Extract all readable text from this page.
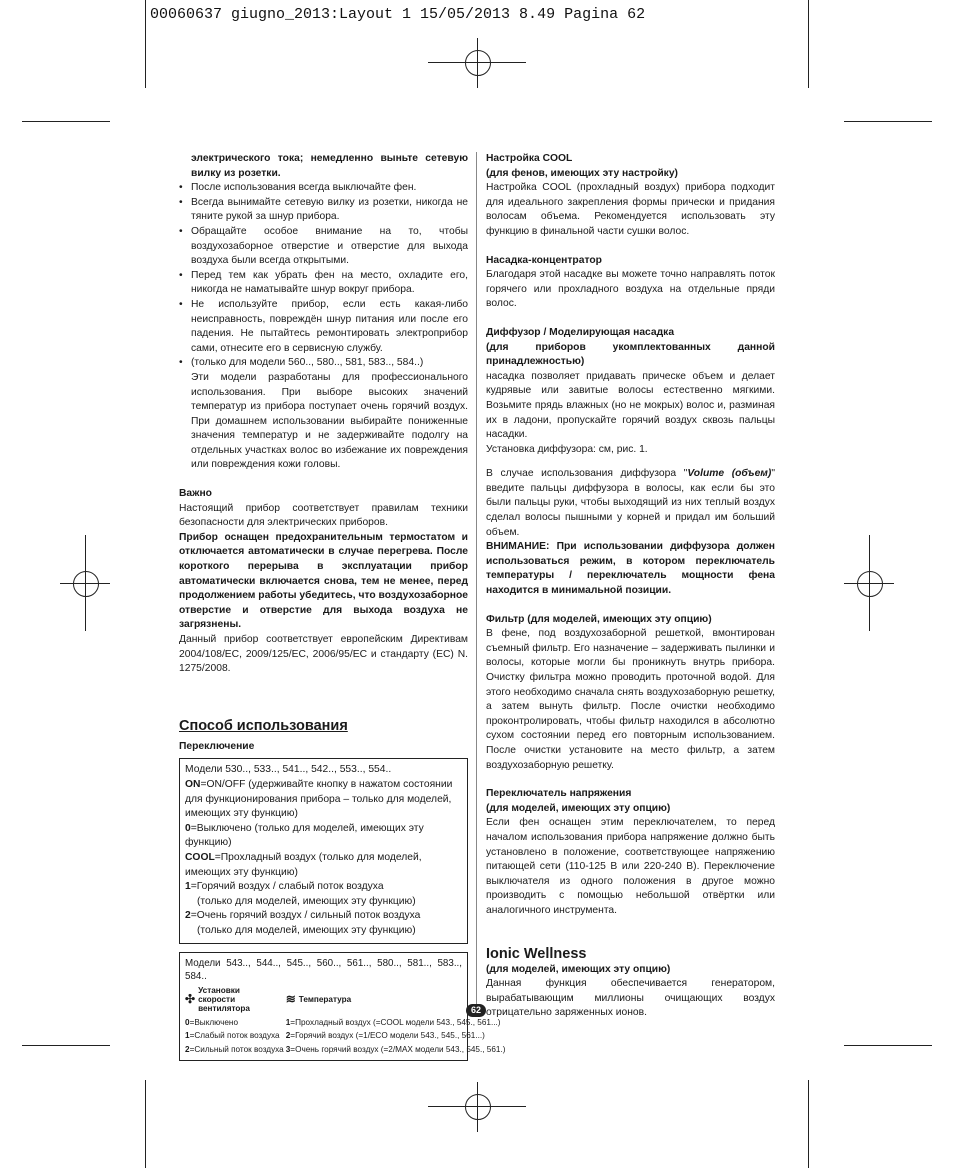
00060637 giugno_2013:Layout 1 15/05/2013 8.49 Pagina 62

электрического тока; немедленно выньте сетевую вилку из розетки.

• После использования всегда выключайте фен.
• Всегда вынимайте сетевую вилку из розетки, никогда не тяните рукой за шнур прибора.
• Обращайте особое внимание на то, чтобы воздухозаборное отверстие и отверстие для выхода воздуха были всегда открытыми.
• Перед тем как убрать фен на место, охладите его, никогда не наматывайте шнур вокруг прибора.
• Не используйте прибор, если есть какая-либо неисправность, повреждён шнур питания или после его падения. Не пытайтесь ремонтировать электроприбор сами, отнесите его в сервисную службу.
• (только для модели 560.., 580.., 581, 583.., 584..)

Эти модели разработаны для профессионального использования. При выборе высоких значений температур из прибора поступает очень горячий воздух. При домашнем использовании выбирайте пониженные значения температур и не задерживайте подолгу на отдельных участках волос во избежание их повреждения или повреждения кожи головы.

Важно

Настоящий прибор соответствует правилам техники безопасности для электрических приборов.

Прибор оснащен предохранительным термостатом и отключается автоматически в случае перегрева. После короткого перерыва в эксплуатации прибор автоматически включается снова, тем не менее, перед продолжением работы убедитесь, что воздухозаборное отверстие и отверстие для выхода воздуха не загрязнены.

Данный прибор соответствует европейским Директивам 2004/108/EC, 2009/125/EC, 2006/95/EC и стандарту (EC) N. 1275/2008.

Способ использования

Переключение

Модели 530.., 533.., 541.., 542.., 553.., 554..

ON=ON/OFF (удерживайте кнопку в нажатом состоянии для функционирования прибора – только для моделей, имеющих эту функцию)

0=Выключено (только для моделей, имеющих эту функцию)

COOL=Прохладный воздух (только для моделей, имеющих эту функцию)

1=Горячий воздух / слабый поток воздуха

(только для моделей, имеющих эту функцию)

2=Очень горячий воздух / сильный поток воздуха

(только для моделей, имеющих эту функцию)

Модели 543.., 544.., 545.., 560.., 561.., 580.., 581.., 583.., 584..

✣Установки скорости вентилятора	≋ Температура
0=Выключено	1=Прохладный воздух (=COOL модели 543., 545., 561...)
1=Слабый поток воздуха	2=Горячий воздух (=1/ECO модели 543., 545., 561...)
2=Сильный поток воздуха	3=Очень горячий воздух (=2/MAX модели 543., 545., 561.)

Настройка COOL

(для фенов, имеющих эту настройку)

Настройка COOL (прохладный воздух) прибора подходит для идеального закрепления формы прически и придания волосам объема. Рекомендуется использовать эту функцию в финальной части сушки волос.

Насадка-концентратор

Благодаря этой насадке вы можете точно направлять поток горячего или прохладного воздуха на отдельные пряди волос.

Диффузор / Моделирующая насадка

(для приборов укомплектованных данной принадлежностью)

насадка позволяет придавать прическе объем и делает кудрявые или завитые волосы естественно мягкими. Возьмите прядь влажных (но не мокрых) волос и, разминая их в ладони, пропускайте горячий воздух сквозь пальцы насадки.

Установка диффузора: см, рис. 1.

В случае использования диффузора "Volume (объем)" введите пальцы диффузора в волосы, как если бы это были пальцы руки, чтобы выходящий из них теплый воздух сделал волосы пышными у корней и придал им больший объем.

ВНИМАНИЕ: При использовании диффузора должен использоваться режим, в котором переключатель температуры / переключатель мощности фена находится в минимальной позиции.

Фильтр (для моделей, имеющих эту опцию)

В фене, под воздухозаборной решеткой, вмонтирован съемный фильтр. Его назначение – задерживать пылинки и волосы, которые могли бы проникнуть внутрь прибора. Очистку фильтра можно проводить проточной водой. Для этого необходимо сначала снять воздухозаборную решетку, а затем вынуть фильтр. После очистки необходимо проконтролировать, чтобы фильтр находился в абсолютно сухом состоянии перед его повторным использованием. После очистки установите на место фильтр, а затем воздухозаборную решетку.

Переключатель напряжения

(для моделей, имеющих эту опцию)

Если фен оснащен этим переключателем, то перед началом использования прибора напряжение должно быть установлено в положение, соответствующее напряжению питающей сети (110-125 В или 220-240 В). Переключение выключателя из одного положения в другое можно производить с помощью небольшой отвёртки или аналогичного инструмента.

Ionic Wellness

(для моделей, имеющих эту опцию)

Данная функция обеспечивается генератором, вырабатывающим миллионы очищающих воздух отрицательно заряженных ионов.

62
